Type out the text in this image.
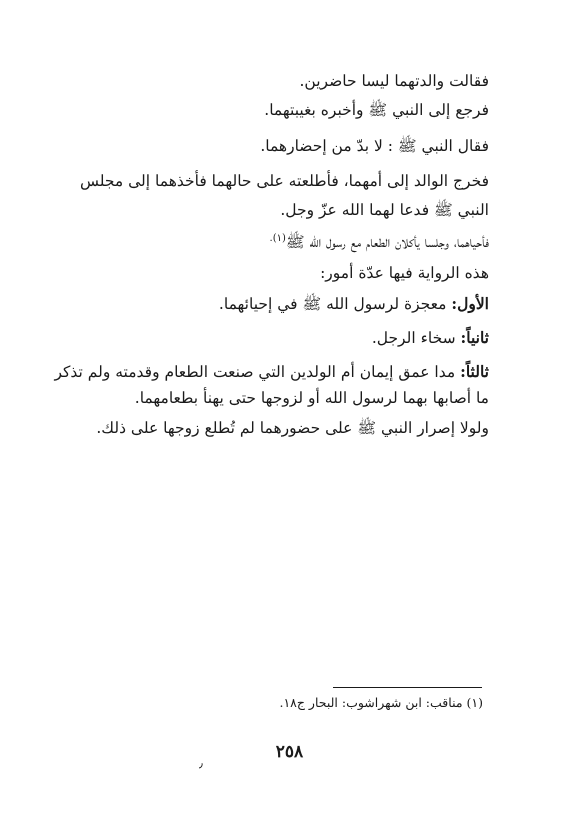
فقالت والدتهما ليسا حاضرين.
فرجع إلى النبي ﷺ وأخبره بغيبتهما.
فقال النبي ﷺ : لا بدّ من إحضارهما.
فخرج الوالد إلى أمهما، فأطلعته على حالهما فأخذهما إلى مجلس
النبي ﷺ فدعا لهما الله عزّ وجل.
فأحياهما، وجلسا يأكلان الطعام مع رسول الله ﷺ$^{(١).}$
هذه الرواية فيها عدّة أمور:
الأول: معجزة لرسول الله ﷺ في إحيائهما.
ثانياً: سخاء الرجل.
ثالثاً: مدا عمق إيمان أم الولدين التي صنعت الطعام وقدمته ولم تذكر
ما أصابها بهما لرسول الله أو لزوجها حتى يهنأ بطعامهما.
ولولا إصرار النبي ﷺ على حضورهما لم تُطلع زوجها على ذلك.
(١) مناقب: ابن شهراشوب: البحار ج١٨.
٢٥٨
٫
